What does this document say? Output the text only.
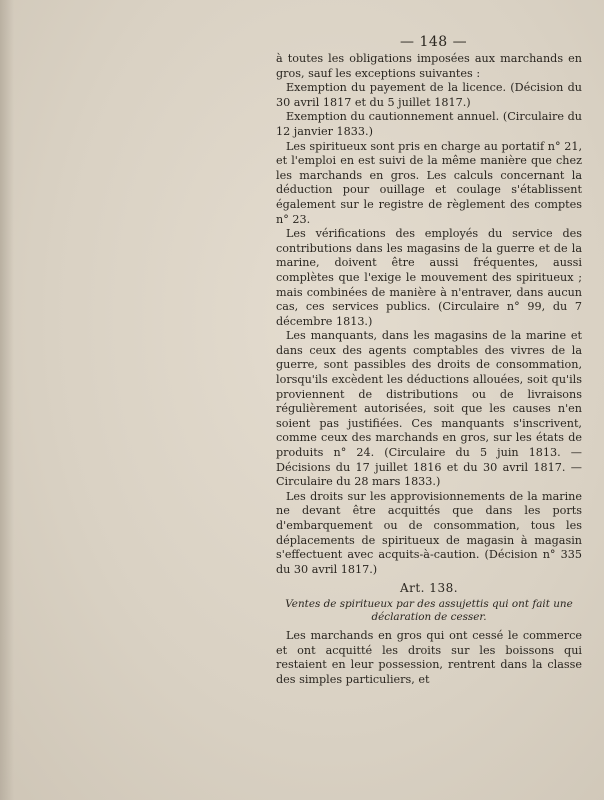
— 148 —

à toutes les obligations imposées aux marchands en gros, sauf les exceptions suivantes :

Exemption du payement de la licence. (Décision du 30 avril 1817 et du 5 juillet 1817.)

Exemption du cautionnement annuel. (Circulaire du 12 janvier 1833.)

Les spiritueux sont pris en charge au portatif n° 21, et l'emploi en est suivi de la même manière que chez les marchands en gros. Les calculs concernant la déduction pour ouillage et coulage s'établissent également sur le registre de règlement des comptes n° 23.

Les vérifications des employés du service des contributions dans les magasins de la guerre et de la marine, doivent être aussi fréquentes, aussi complètes que l'exige le mouvement des spiritueux ; mais combinées de manière à n'entraver, dans aucun cas, ces services publics. (Circulaire n° 99, du 7 décembre 1813.)

Les manquants, dans les magasins de la marine et dans ceux des agents comptables des vivres de la guerre, sont passibles des droits de consommation, lorsqu'ils excèdent les déductions allouées, soit qu'ils proviennent de distributions ou de livraisons régulièrement autorisées, soit que les causes n'en soient pas justifiées. Ces manquants s'inscrivent, comme ceux des marchands en gros, sur les états de produits n° 24. (Circulaire du 5 juin 1813. — Décisions du 17 juillet 1816 et du 30 avril 1817. — Circulaire du 28 mars 1833.)

Les droits sur les approvisionnements de la marine ne devant être acquittés que dans les ports d'embarquement ou de consommation, tous les déplacements de spiritueux de magasin à magasin s'effectuent avec acquits-à-caution. (Décision n° 335 du 30 avril 1817.)

Art. 138.

Ventes de spiritueux par des assujettis qui ont fait une déclaration de cesser.

Les marchands en gros qui ont cessé le commerce et ont acquitté les droits sur les boissons qui restaient en leur possession, rentrent dans la classe des simples particuliers, et
